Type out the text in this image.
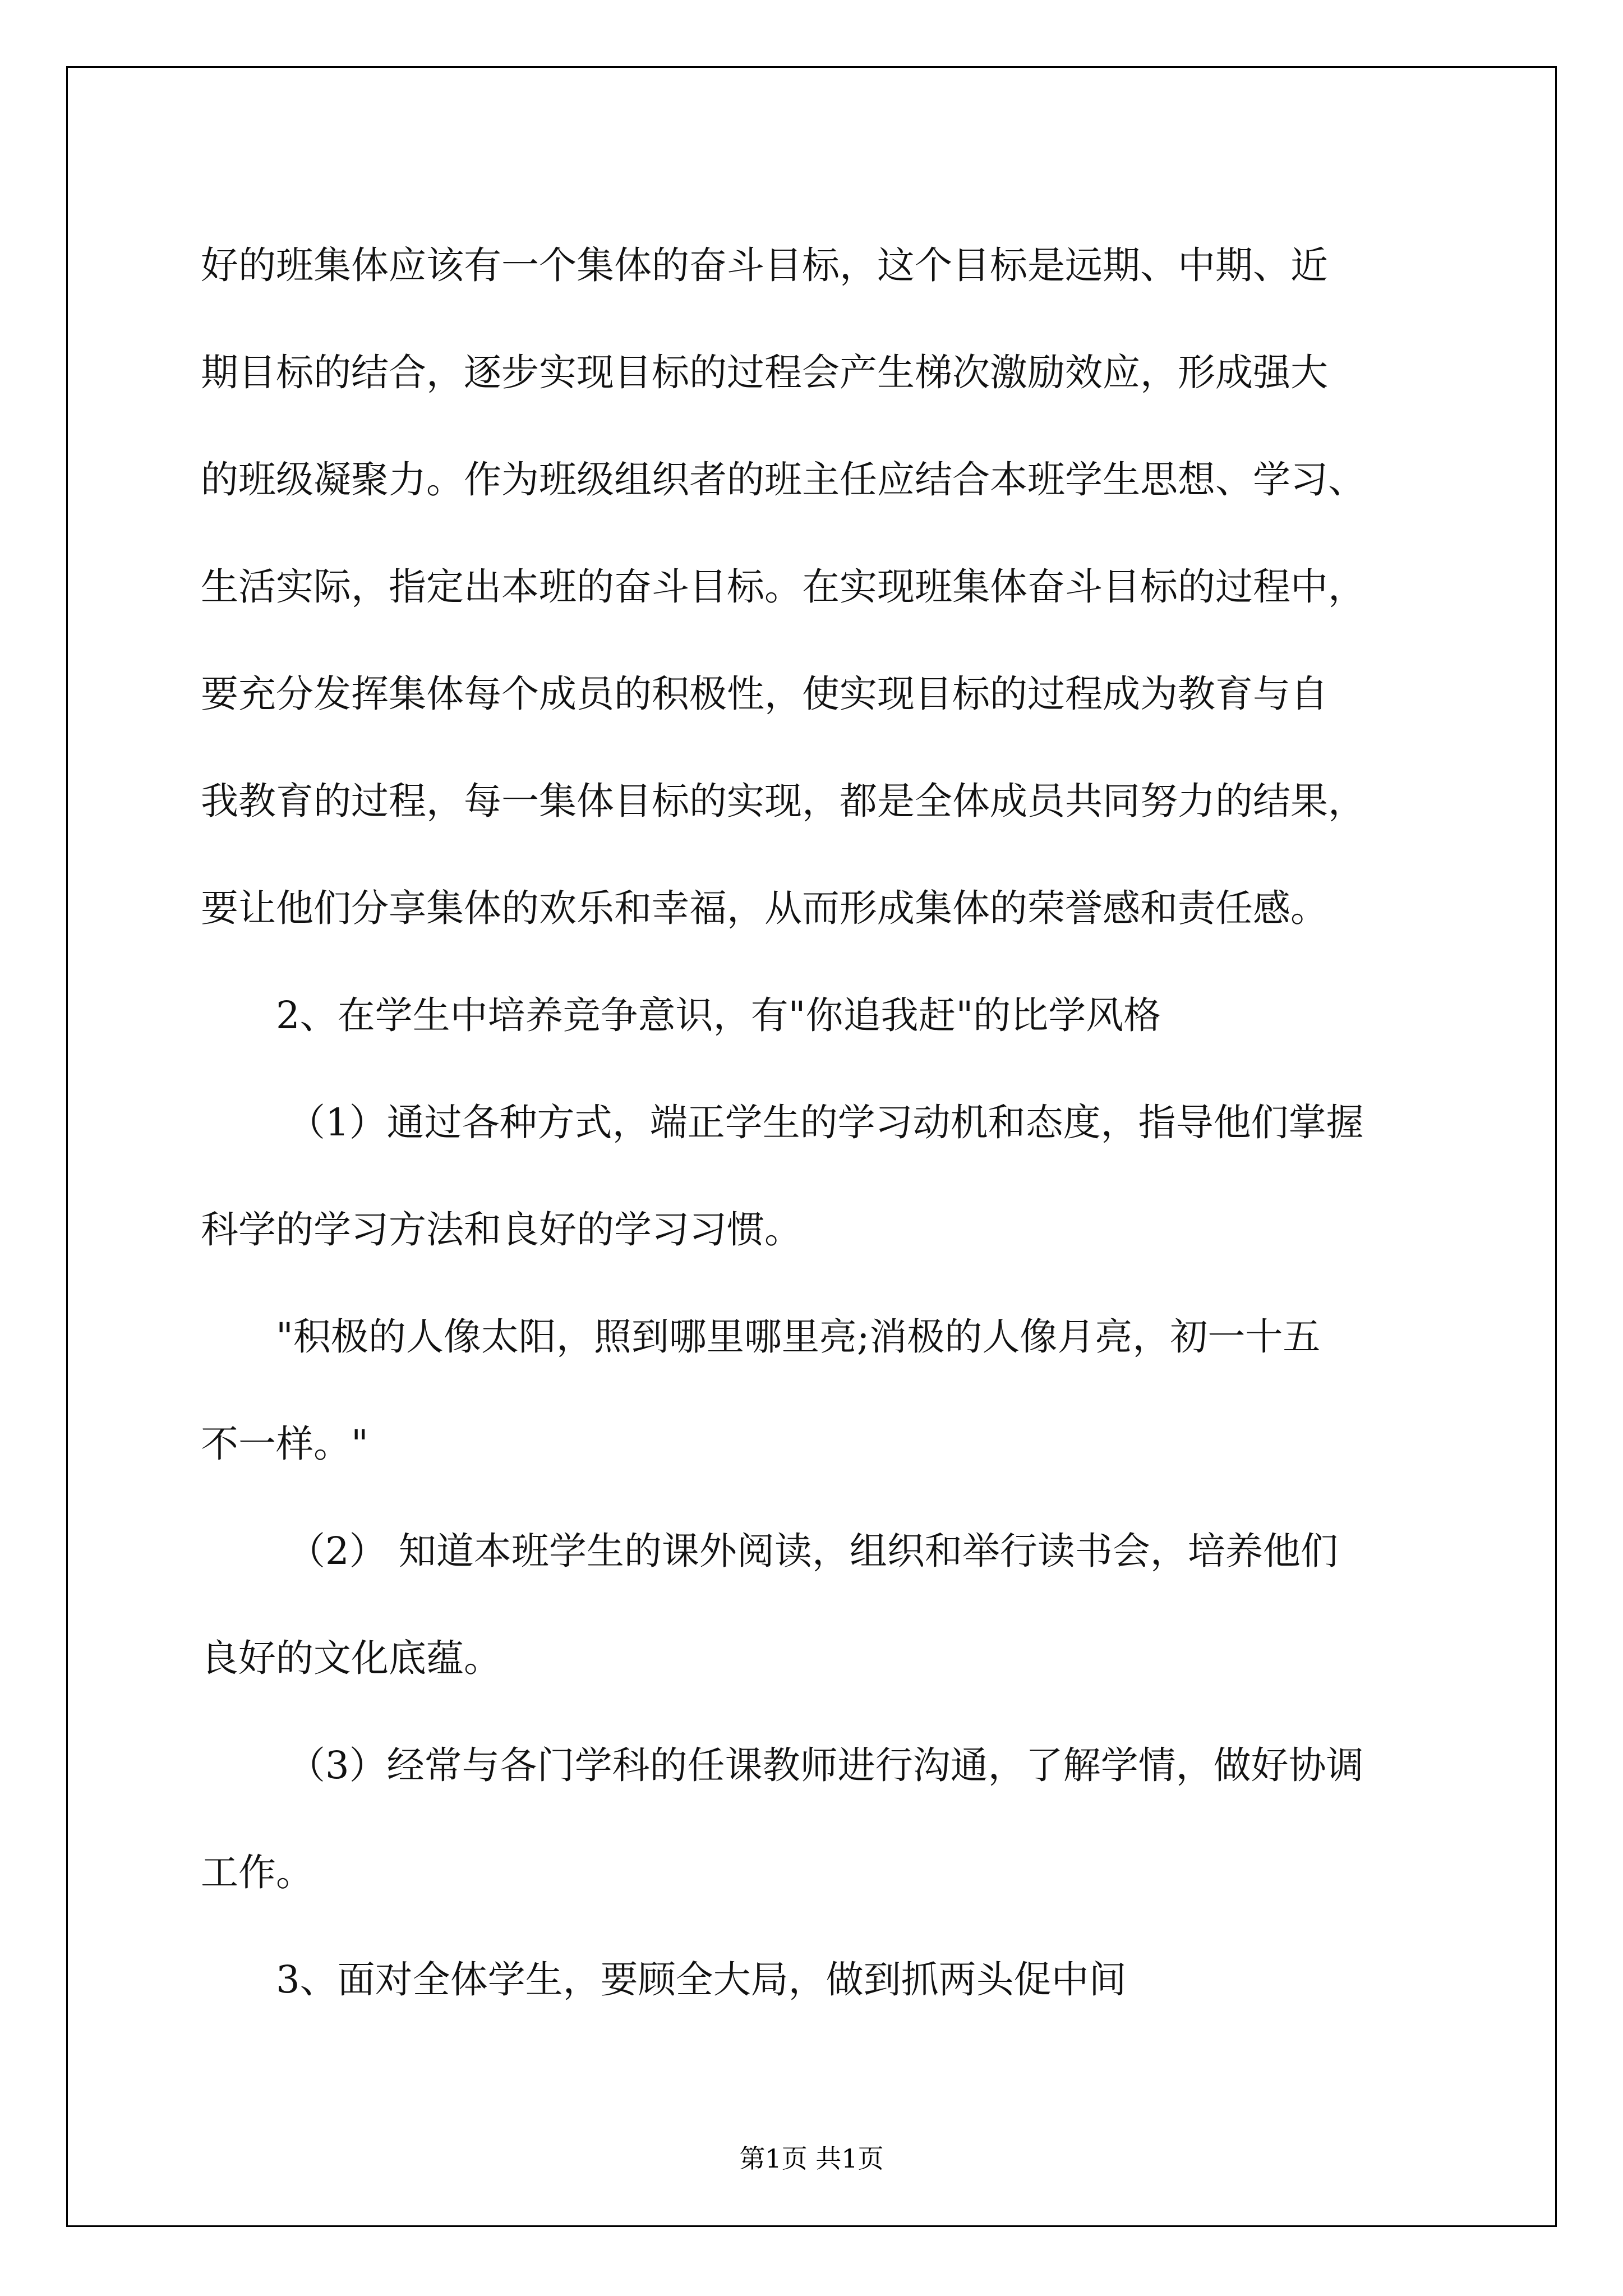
好的班集体应该有一个集体的奋斗目标，这个目标是远期、中期、近
期目标的结合，逐步实现目标的过程会产生梯次激励效应，形成强大
的班级凝聚力。作为班级组织者的班主任应结合本班学生思想、学习、
生活实际，指定出本班的奋斗目标。在实现班集体奋斗目标的过程中，
要充分发挥集体每个成员的积极性，使实现目标的过程成为教育与自
我教育的过程，每一集体目标的实现，都是全体成员共同努力的结果，
要让他们分享集体的欢乐和幸福，从而形成集体的荣誉感和责任感。
2、在学生中培养竞争意识，有"你追我赶"的比学风格
（1）通过各种方式，端正学生的学习动机和态度，指导他们掌握
科学的学习方法和良好的学习习惯。
"积极的人像太阳，照到哪里哪里亮;消极的人像月亮，初一十五
不一样。"
（2） 知道本班学生的课外阅读，组织和举行读书会，培养他们
良好的文化底蕴。
（3）经常与各门学科的任课教师进行沟通，了解学情，做好协调
工作。
3、面对全体学生，要顾全大局，做到抓两头促中间
第1页 共1页
